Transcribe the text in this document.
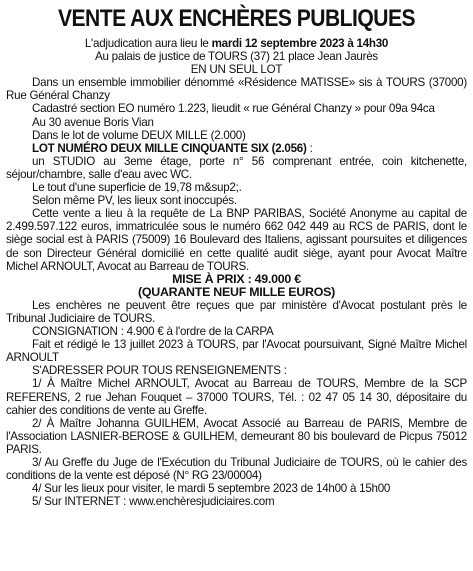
VENTE AUX ENCHÈRES PUBLIQUES

L'adjudication aura lieu le mardi 12 septembre 2023 à 14h30

Au palais de justice de TOURS (37) 21 place Jean Jaurès

EN UN SEUL LOT

Dans un ensemble immobilier dénommé «Résidence MATISSE» sis à TOURS (37000) Rue Général Chanzy

Cadastré section EO numéro 1.223, lieudit « rue Général Chanzy » pour 09a 94ca

Au 30 avenue Boris Vian

Dans le lot de volume DEUX MILLE (2.000)

LOT NUMÉRO DEUX MILLE CINQUANTE SIX (2.056) :

un STUDIO au 3eme étage, porte n° 56 comprenant entrée, coin kitchenette, séjour/chambre, salle d'eau avec WC.

Le tout d'une superficie de 19,78 m&sup2;.

Selon même PV, les lieux sont inoccupés.

Cette vente a lieu à la requête de La BNP PARIBAS, Société Anonyme au capital de 2.499.597.122 euros, immatriculée sous le numéro 662 042 449 au RCS de PARIS, dont le siège social est à PARIS (75009) 16 Boulevard des Italiens, agissant poursuites et diligences de son Directeur Général domicilié en cette qualité audit siège, ayant pour Avocat Maître Michel ARNOULT, Avocat au Barreau de TOURS.

MISE À PRIX : 49.000 €

(QUARANTE NEUF MILLE EUROS)

Les enchères ne peuvent être reçues que par ministère d'Avocat postulant près le Tribunal Judiciaire de TOURS.

CONSIGNATION : 4.900 € à l'ordre de la CARPA

Fait et rédigé le 13 juillet 2023 à TOURS, par l'Avocat poursuivant, Signé Maître Michel ARNOULT

S'ADRESSER POUR TOUS RENSEIGNEMENTS :

1/ À Maître Michel ARNOULT, Avocat au Barreau de TOURS, Membre de la SCP REFERENS, 2 rue Jehan Fouquet – 37000 TOURS, Tél. : 02 47 05 14 30, dépositaire du cahier des conditions de vente au Greffe.

2/ À Maître Johanna GUILHEM, Avocat Associé au Barreau de PARIS, Membre de l'Association LASNIER-BEROSE & GUILHEM, demeurant 80 bis boulevard de Picpus 75012 PARIS.

3/ Au Greffe du Juge de l'Exécution du Tribunal Judiciaire de TOURS, où le cahier des conditions de la vente est déposé (N° RG 23/00004)

4/ Sur les lieux pour visiter, le mardi 5 septembre 2023 de 14h00 à 15h00

5/ Sur INTERNET : www.enchèresjudiciaires.com
